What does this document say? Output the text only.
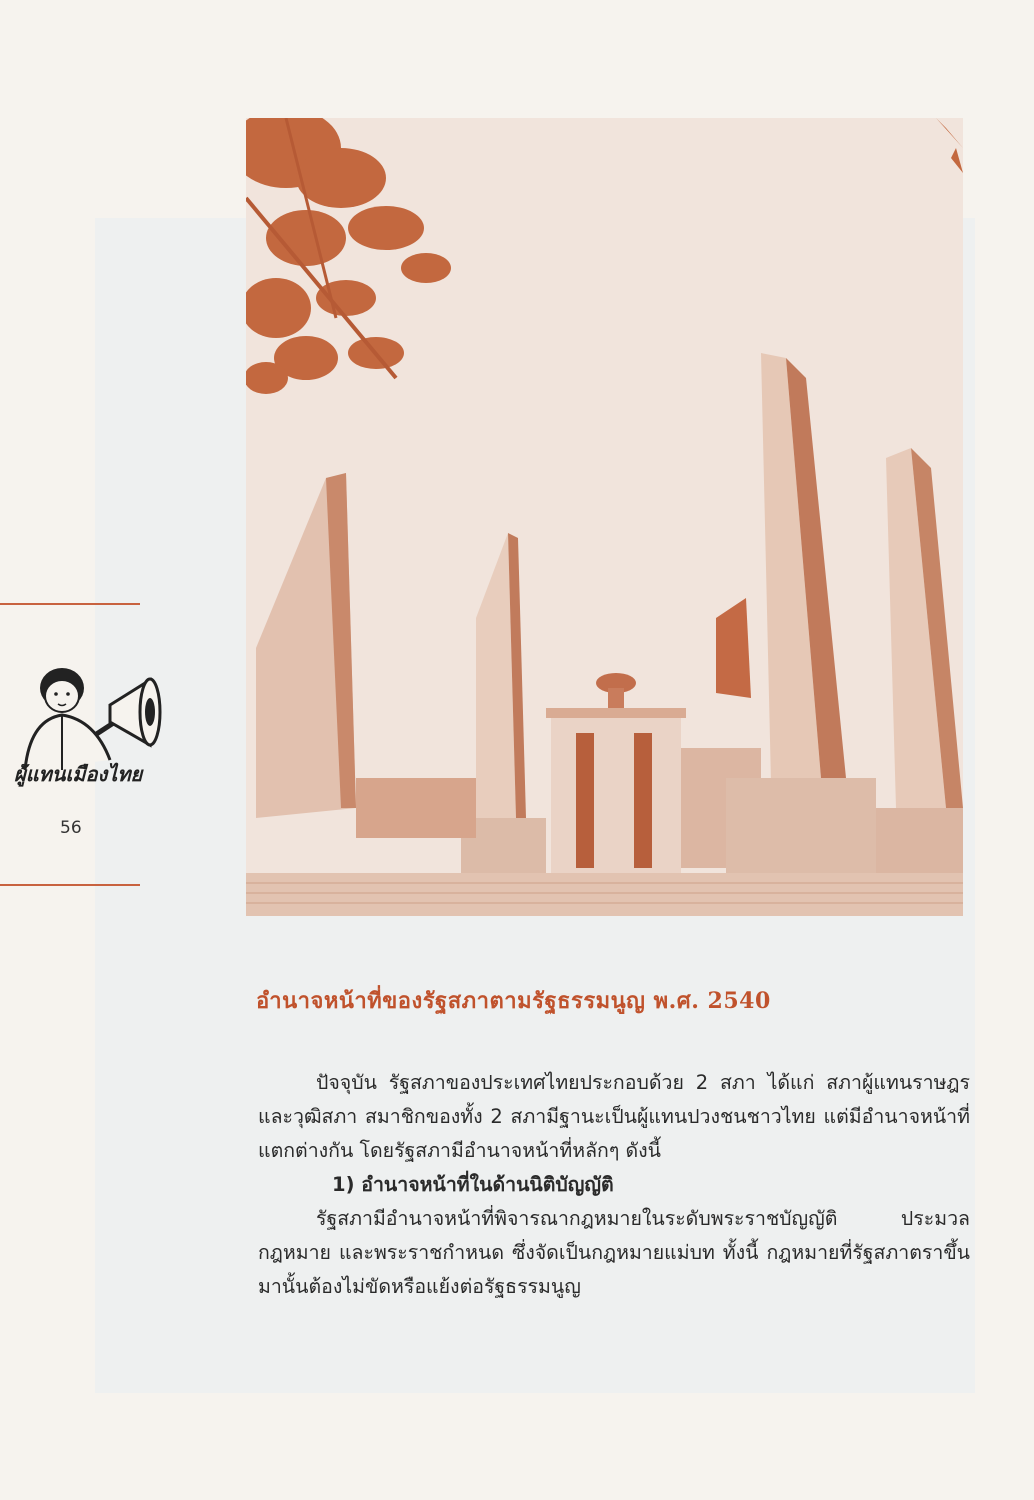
ผู้แทนเมืองไทย
56
อำนาจหน้าที่ของรัฐสภาตามรัฐธรรมนูญ พ.ศ. 2540

ปัจจุบัน รัฐสภาของประเทศไทยประกอบด้วย 2 สภา ได้แก่ สภาผู้แทนราษฎรและวุฒิสภา สมาชิกของทั้ง 2 สภามีฐานะเป็นผู้แทนปวงชนชาวไทย แต่มีอำนาจหน้าที่แตกต่างกัน โดยรัฐสภามีอำนาจหน้าที่หลักๆ ดังนี้

1) อำนาจหน้าที่ในด้านนิติบัญญัติ

รัฐสภามีอำนาจหน้าที่พิจารณากฎหมายในระดับพระราชบัญญัติ ประมวลกฎหมาย และพระราชกำหนด ซึ่งจัดเป็นกฎหมายแม่บท ทั้งนี้ กฎหมายที่รัฐสภาตราขึ้นมานั้นต้องไม่ขัดหรือแย้งต่อรัฐธรรมนูญ
